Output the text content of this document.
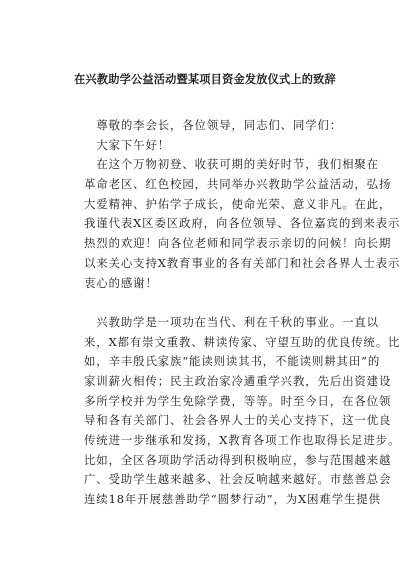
在兴教助学公益活动暨某项目资金发放仪式上的致辞
　尊敬的李会长，各位领导，同志们、同学们：
　大家下午好！
　在这个万物初登、收获可期的美好时节，我们相聚在
革命老区、红色校园，共同举办兴教助学公益活动，弘扬
大爱精神、护佑学子成长，使命光荣、意义非凡。在此，
我谨代表X区委区政府，向各位领导、各位嘉宾的到来表示
热烈的欢迎！向各位老师和同学表示亲切的问候！向长期
以来关心支持X教育事业的各有关部门和社会各界人士表示
衷心的感谢！
　兴教助学是一项功在当代、利在千秋的事业。一直以
来，X都有崇文重教、耕读传家、守望互助的优良传统。比
如，辛丰殷氏家族“能读则读其书，不能读则耕其田”的
家训薪火相传；民主政治家冷遹重学兴教，先后出资建设
多所学校并为学生免除学费，等等。时至今日，在各位领
导和各有关部门、社会各界人士的关心支持下，这一优良
传统进一步继承和发扬，X教育各项工作也取得长足进步。
比如，全区各项助学活动得到积极响应，参与范围越来越
广、受助学生越来越多、社会反响越来越好。市慈善总会
连续18年开展慈善助学“圆梦行动”，为X困难学生提供
